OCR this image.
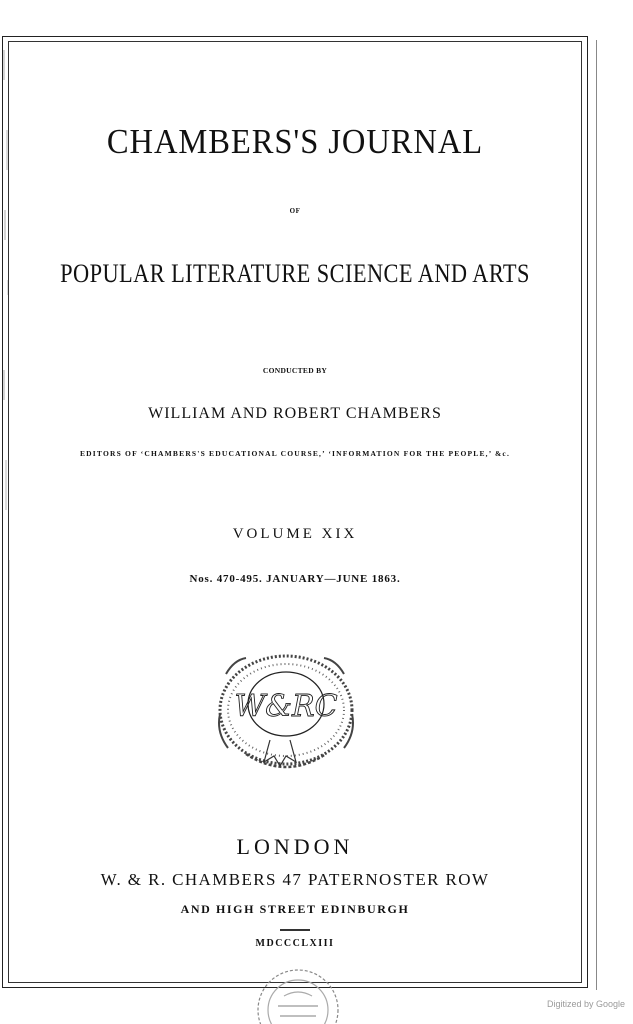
CHAMBERS'S JOURNAL
OF
POPULAR LITERATURE SCIENCE AND ARTS
CONDUCTED BY
WILLIAM AND ROBERT CHAMBERS
EDITORS OF ‘CHAMBERS'S EDUCATIONAL COURSE,’ ‘INFORMATION FOR THE PEOPLE,’ &c.
VOLUME XIX
Nos. 470-495. JANUARY—JUNE 1863.
W&RC
LONDON
W. & R. CHAMBERS 47 PATERNOSTER ROW
AND HIGH STREET EDINBURGH
MDCCCLXIII
Digitized by Google
